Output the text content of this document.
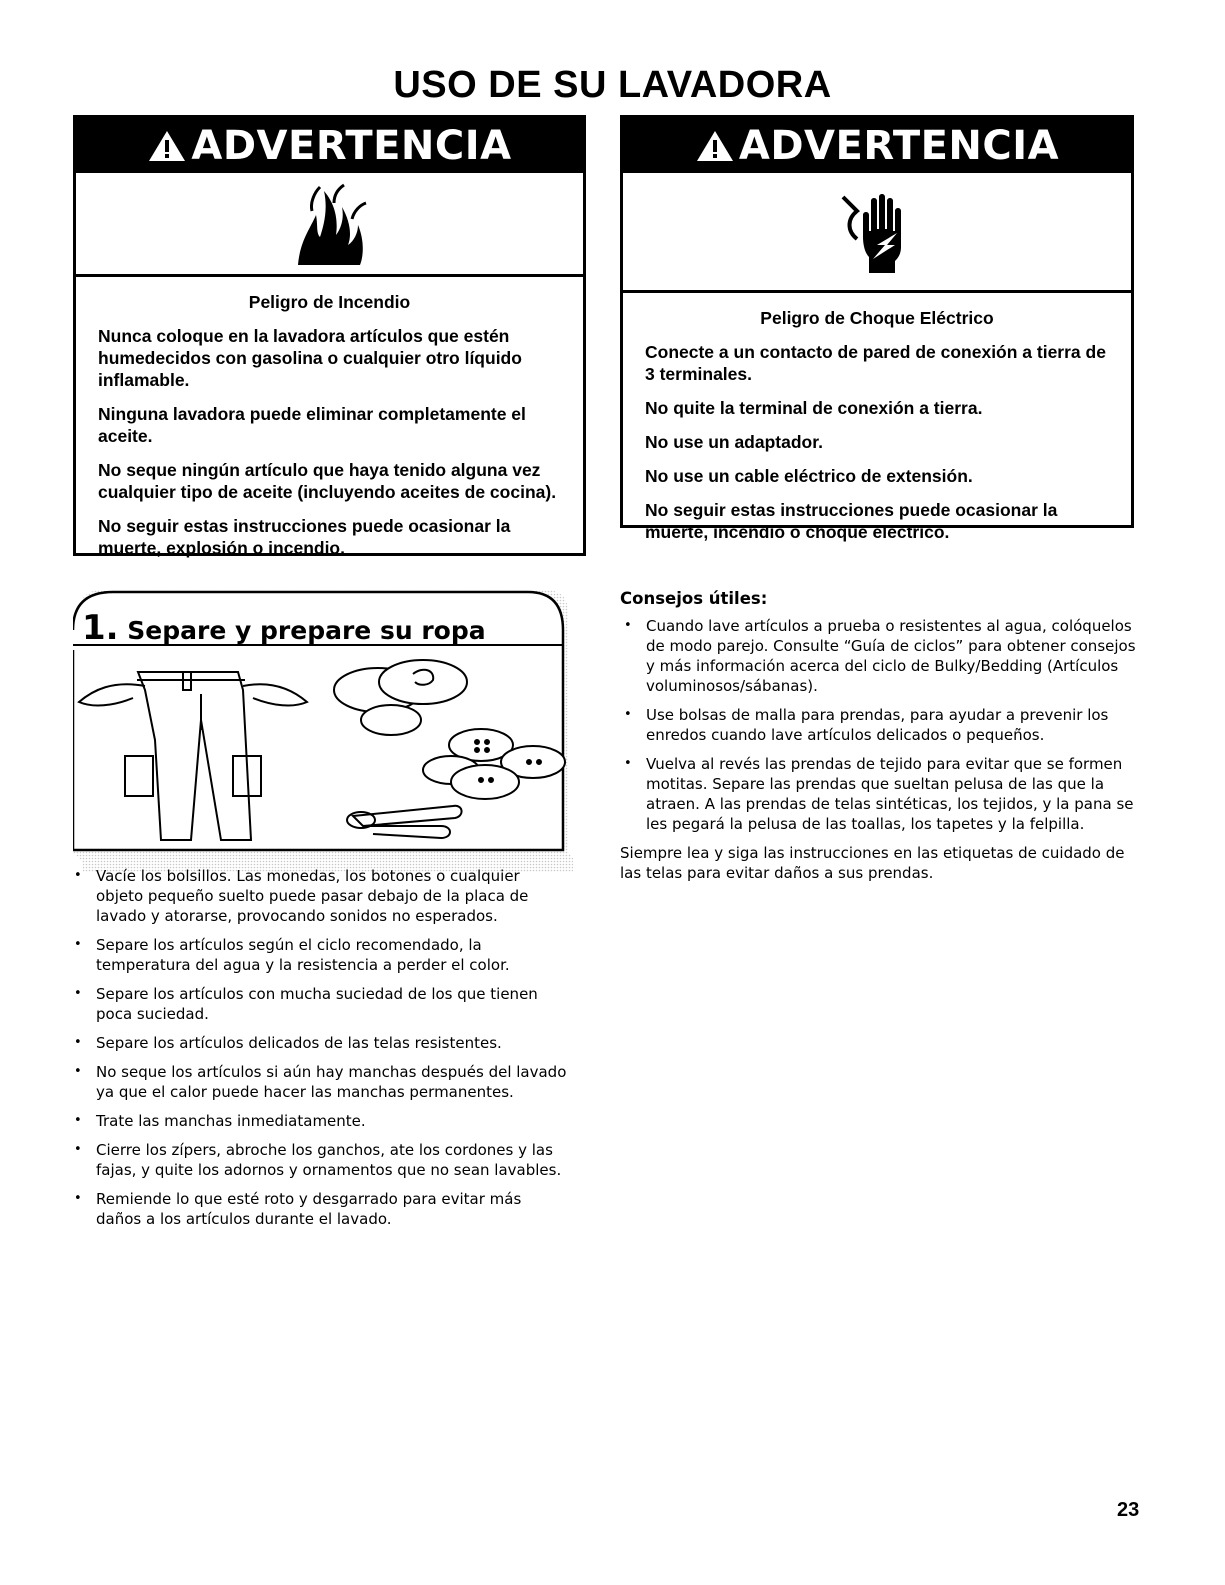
USO DE SU LAVADORA
ADVERTENCIA
Peligro de Incendio

Nunca coloque en la lavadora artículos que estén humedecidos con gasolina o cualquier otro líquido inflamable.

Ninguna lavadora puede eliminar completamente el aceite.

No seque ningún artículo que haya tenido alguna vez cualquier tipo de aceite (incluyendo aceites de cocina).

No seguir estas instrucciones puede ocasionar la muerte, explosión o incendio.

ADVERTENCIA
Peligro de Choque Eléctrico

Conecte a un contacto de pared de conexión a tierra de 3 terminales.

No quite la terminal de conexión a tierra.

No use un adaptador.

No use un cable eléctrico de extensión.

No seguir estas instrucciones puede ocasionar la muerte, incendio o choque eléctrico.

1. Separe y prepare su ropa
• Vacíe los bolsillos. Las monedas, los botones o cualquier objeto pequeño suelto puede pasar debajo de la placa de lavado y atorarse, provocando sonidos no esperados.
• Separe los artículos según el ciclo recomendado, la temperatura del agua y la resistencia a perder el color.
• Separe los artículos con mucha suciedad de los que tienen poca suciedad.
• Separe los artículos delicados de las telas resistentes.
• No seque los artículos si aún hay manchas después del lavado ya que el calor puede hacer las manchas permanentes.
• Trate las manchas inmediatamente.
• Cierre los zípers, abroche los ganchos, ate los cordones y las fajas, y quite los adornos y ornamentos que no sean lavables.
• Remiende lo que esté roto y desgarrado para evitar más daños a los artículos durante el lavado.
Consejos útiles:
• Cuando lave artículos a prueba o resistentes al agua, colóquelos de modo parejo. Consulte “Guía de ciclos” para obtener consejos y más información acerca del ciclo de Bulky/Bedding (Artículos voluminosos/sábanas).
• Use bolsas de malla para prendas, para ayudar a prevenir los enredos cuando lave artículos delicados o pequeños.
• Vuelva al revés las prendas de tejido para evitar que se formen motitas. Separe las prendas que sueltan pelusa de las que la atraen. A las prendas de telas sintéticas, los tejidos, y la pana se les pegará la pelusa de las toallas, los tapetes y la felpilla.
Siempre lea y siga las instrucciones en las etiquetas de cuidado de las telas para evitar daños a sus prendas.
23
